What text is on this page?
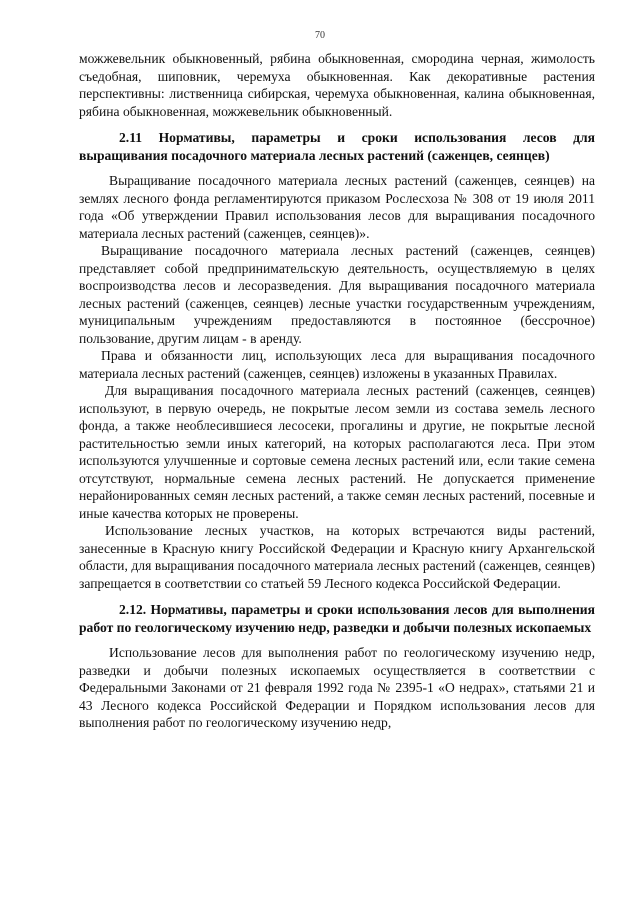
70

можжевельник обыкновенный, рябина обыкновенная, смородина черная, жимолость съедобная, шиповник, черемуха обыкновенная. Как декоративные растения перспективны: лиственница сибирская, черемуха обыкновенная, калина обыкновенная, рябина обыкновенная, можжевельник обыкновенный.

2.11 Нормативы, параметры и сроки использования лесов для выращивания посадочного материала лесных растений (саженцев, сеянцев)

Выращивание посадочного материала лесных растений (саженцев, сеянцев) на землях лесного фонда регламентируются приказом Рослесхоза № 308 от 19 июля 2011 года «Об утверждении Правил использования лесов для выращивания посадочного материала лесных растений (саженцев, сеянцев)».

Выращивание посадочного материала лесных растений (саженцев, сеянцев) представляет собой предпринимательскую деятельность, осуществляемую в целях воспроизводства лесов и лесоразведения. Для выращивания посадочного материала лесных растений (саженцев, сеянцев) лесные участки государственным учреждениям, муниципальным учреждениям предоставляются в постоянное (бессрочное) пользование, другим лицам - в аренду.

Права и обязанности лиц, использующих леса для выращивания посадочного материала лесных растений (саженцев, сеянцев) изложены в указанных Правилах.

Для выращивания посадочного материала лесных растений (саженцев, сеянцев) используют, в первую очередь, не покрытые лесом земли из состава земель лесного фонда, а также необлесившиеся лесосеки, прогалины и другие, не покрытые лесной растительностью земли иных категорий, на которых располагаются леса. При этом используются улучшенные и сортовые семена лесных растений или, если такие семена отсутствуют, нормальные семена лесных растений. Не допускается применение нерайонированных семян лесных растений, а также семян лесных растений, посевные и иные качества которых не проверены.

Использование лесных участков, на которых встречаются виды растений, занесенные в Красную книгу Российской Федерации и Красную книгу Архангельской области, для выращивания посадочного материала лесных растений (саженцев, сеянцев) запрещается в соответствии со статьей 59 Лесного кодекса Российской Федерации.

2.12. Нормативы, параметры и сроки использования лесов для выполнения работ по геологическому изучению недр, разведки и добычи полезных ископаемых

Использование лесов для выполнения работ по геологическому изучению недр, разведки и добычи полезных ископаемых осуществляется в соответствии с Федеральными Законами от 21 февраля 1992 года № 2395-1 «О недрах», статьями 21 и 43 Лесного кодекса Российской Федерации и Порядком использования лесов для выполнения работ по геологическому изучению недр,
